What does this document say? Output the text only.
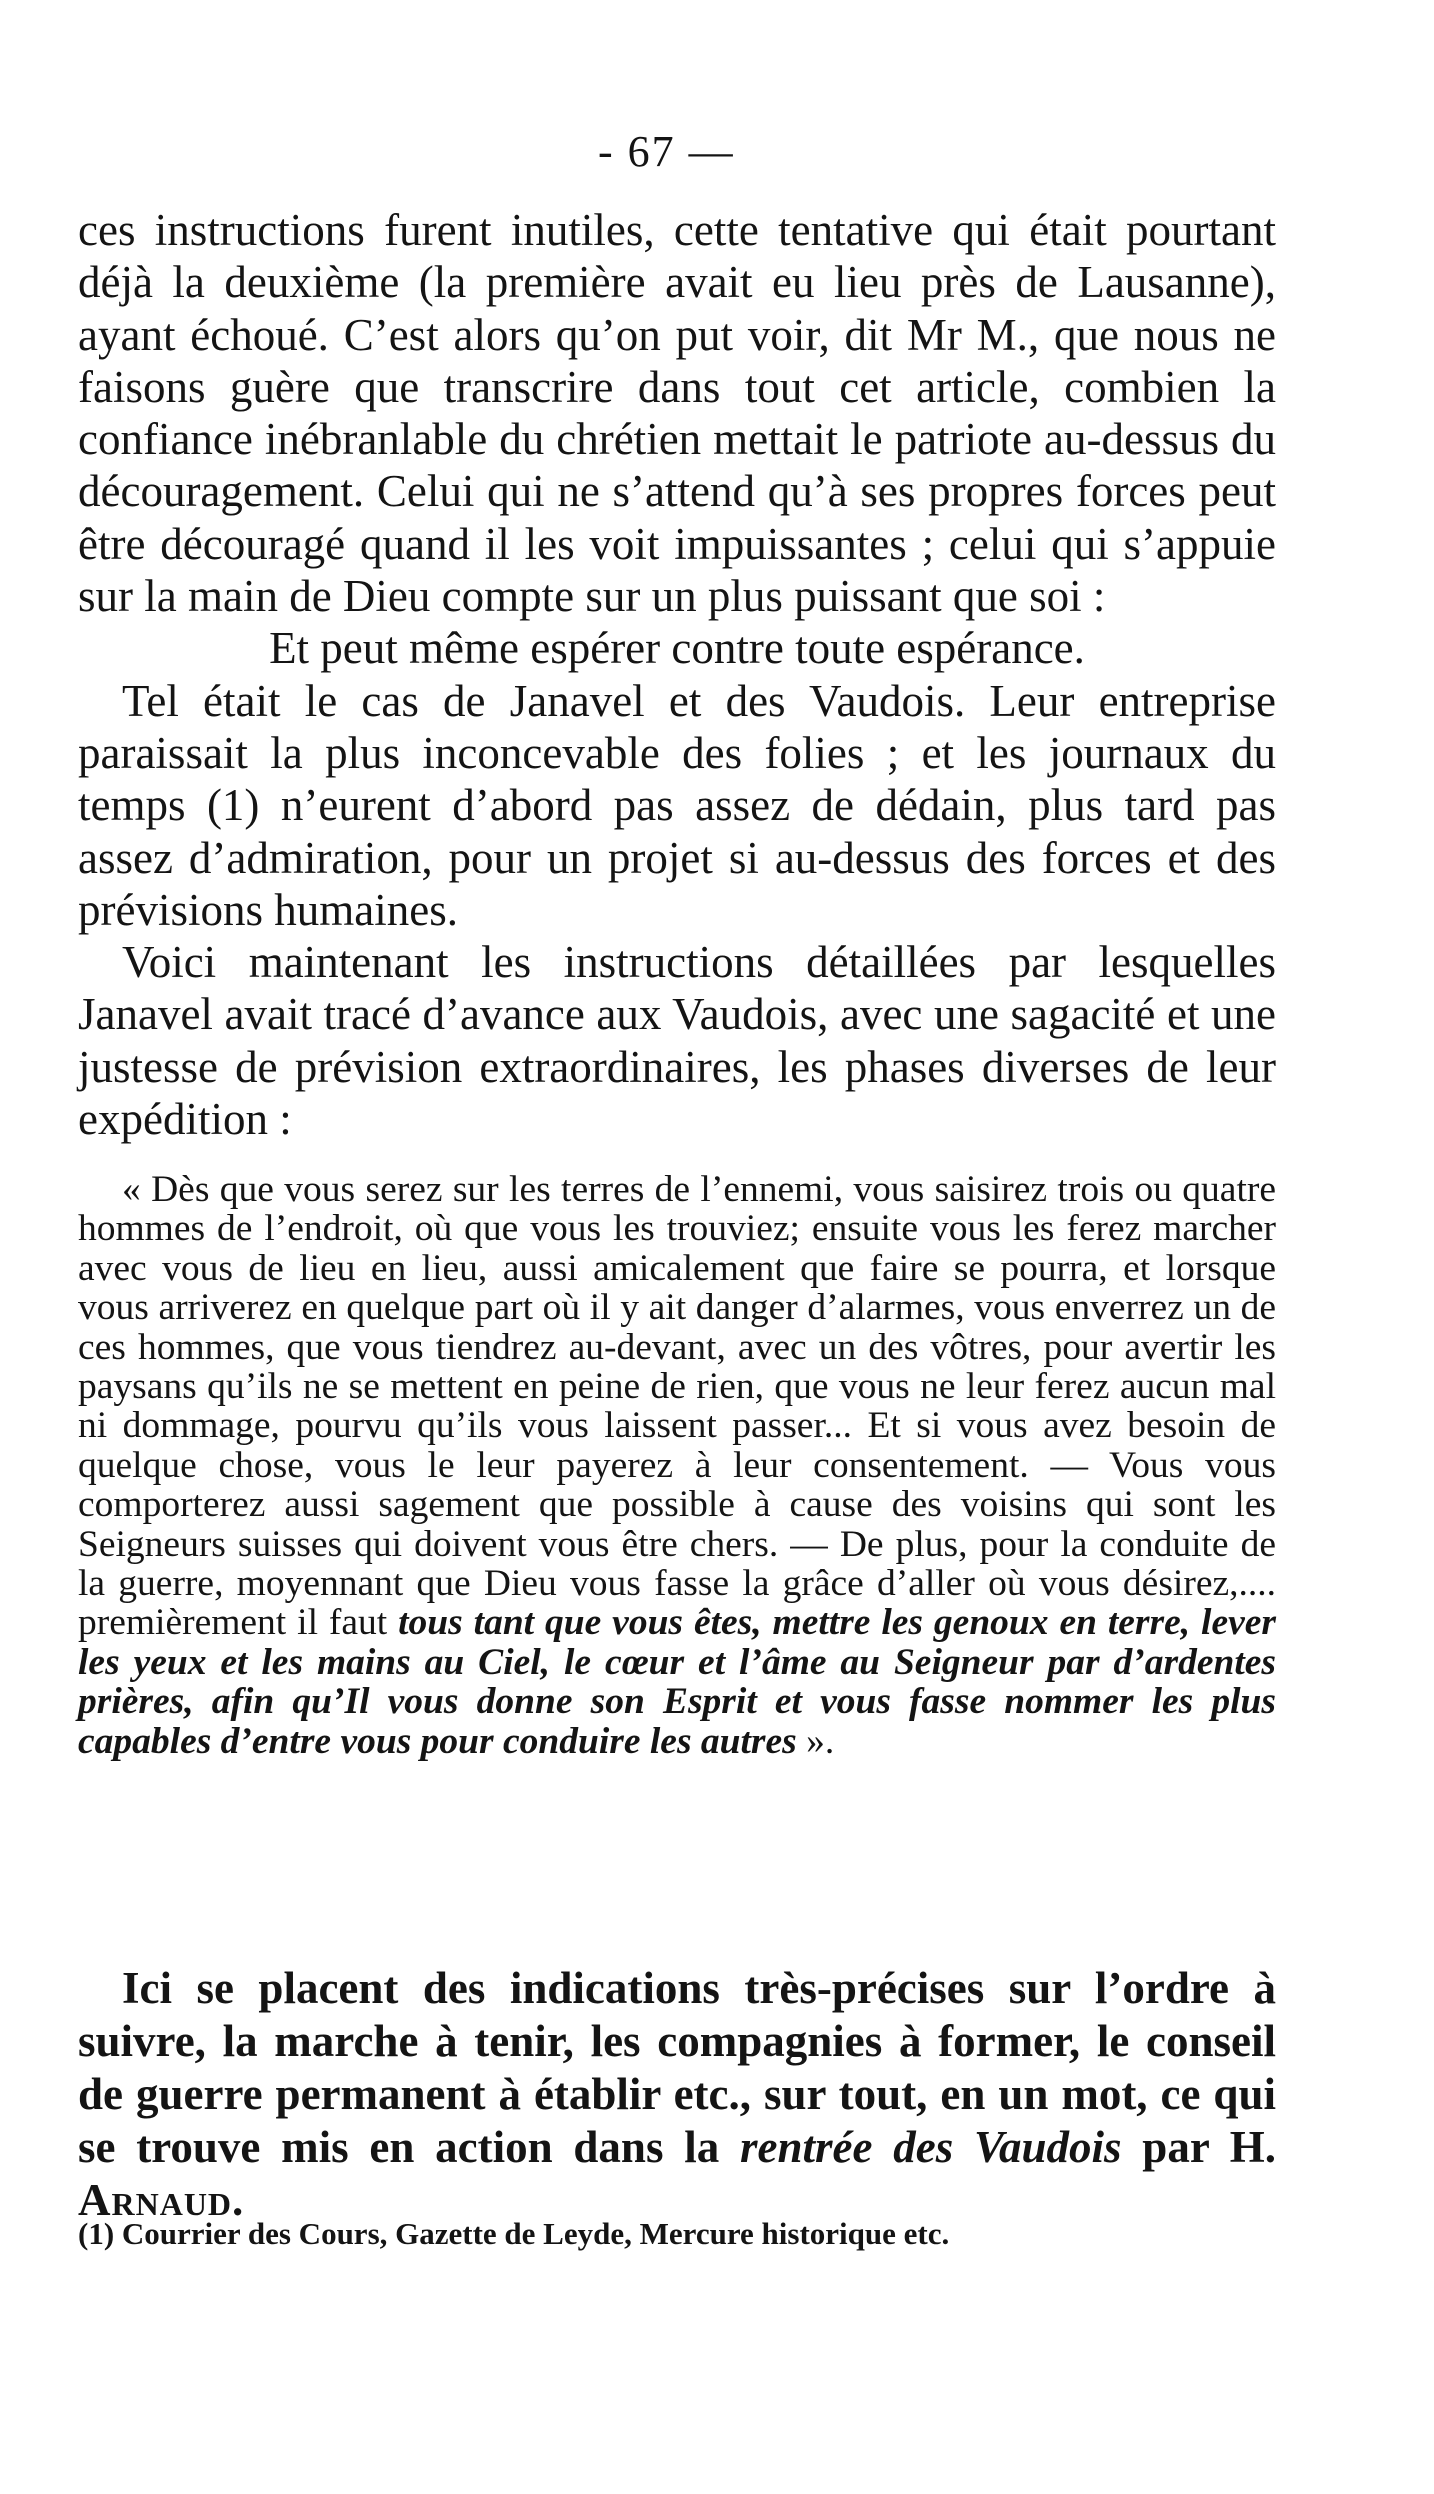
- 67 —

ces instructions furent inutiles, cette tentative qui était pourtant déjà la deuxième (la première avait eu lieu près de Lausanne), ayant échoué. C’est alors qu’on put voir, dit Mr M., que nous ne faisons guère que transcrire dans tout cet article, combien la confiance inébranlable du chrétien mettait le patriote au-dessus du découragement. Celui qui ne s’attend qu’à ses propres forces peut être découragé quand il les voit impuissantes ; celui qui s’appuie sur la main de Dieu compte sur un plus puissant que soi :

Et peut même espérer contre toute espérance.

Tel était le cas de Janavel et des Vaudois. Leur entreprise paraissait la plus inconcevable des folies ; et les journaux du temps (1) n’eurent d’abord pas assez de dédain, plus tard pas assez d’admiration, pour un projet si au-dessus des forces et des prévisions humaines.

Voici maintenant les instructions détaillées par lesquelles Janavel avait tracé d’avance aux Vaudois, avec une sagacité et une justesse de prévision extraordinaires, les phases diverses de leur expédition :

« Dès que vous serez sur les terres de l’ennemi, vous saisirez trois ou quatre hommes de l’endroit, où que vous les trouviez; ensuite vous les ferez marcher avec vous de lieu en lieu, aussi amicalement que faire se pourra, et lorsque vous arriverez en quelque part où il y ait danger d’alarmes, vous enverrez un de ces hommes, que vous tiendrez au-devant, avec un des vôtres, pour avertir les paysans qu’ils ne se mettent en peine de rien, que vous ne leur ferez aucun mal ni dommage, pourvu qu’ils vous laissent passer... Et si vous avez besoin de quelque chose, vous le leur payerez à leur consentement. — Vous vous comporterez aussi sagement que possible à cause des voisins qui sont les Seigneurs suisses qui doivent vous être chers. — De plus, pour la conduite de la guerre, moyennant que Dieu vous fasse la grâce d’aller où vous désirez,.... premièrement il faut tous tant que vous êtes, mettre les genoux en terre, lever les yeux et les mains au Ciel, le cœur et l’âme au Seigneur par d’ardentes prières, afin qu’Il vous donne son Esprit et vous fasse nommer les plus capables d’entre vous pour conduire les autres ».

Ici se placent des indications très-précises sur l’ordre à suivre, la marche à tenir, les compagnies à former, le conseil de guerre permanent à établir etc., sur tout, en un mot, ce qui se trouve mis en action dans la rentrée des Vaudois par H. Arnaud.

(1) Courrier des Cours, Gazette de Leyde, Mercure historique etc.
